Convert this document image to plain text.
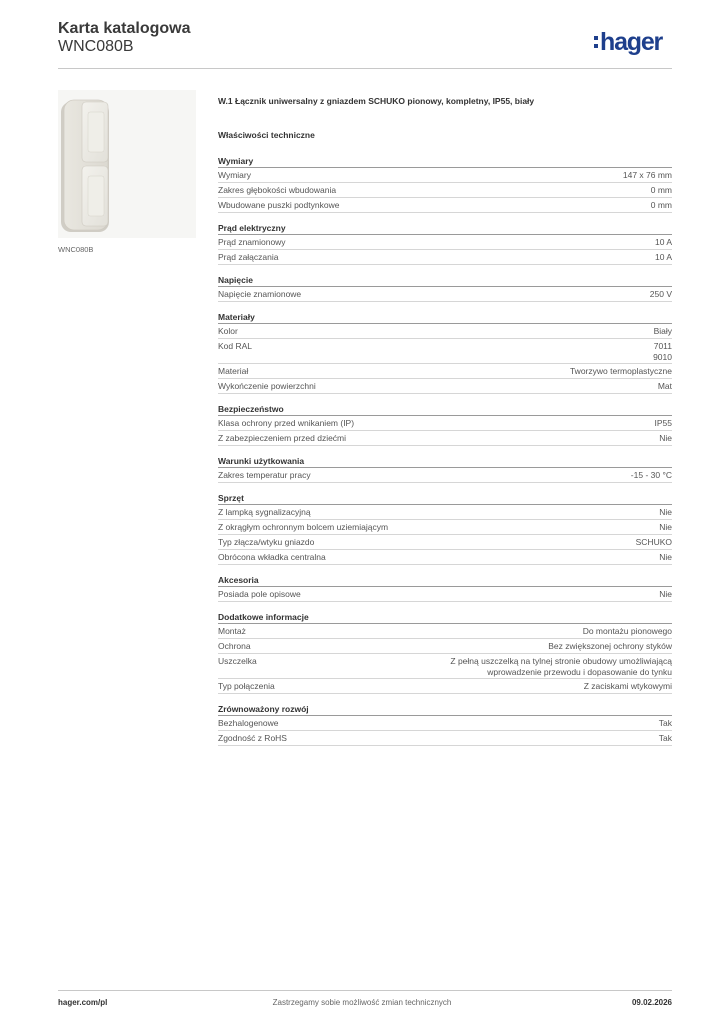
Karta katalogowa
WNC080B	hager
WNC080B
W.1 Łącznik uniwersalny z gniazdem SCHUKO pionowy, kompletny, IP55, biały
Właściwości techniczne
Wymiary
Wymiary	147 x 76 mm
Zakres głębokości wbudowania	0 mm
Wbudowane puszki podtynkowe	0 mm
Prąd elektryczny
Prąd znamionowy	10 A
Prąd załączania	10 A
Napięcie
Napięcie znamionowe	250 V
Materiały
Kolor	Biały
Kod RAL	7011
9010
Materiał	Tworzywo termoplastyczne
Wykończenie powierzchni	Mat
Bezpieczeństwo
Klasa ochrony przed wnikaniem (IP)	IP55
Z zabezpieczeniem przed dziećmi	Nie
Warunki użytkowania
Zakres temperatur pracy	-15 - 30 °C
Sprzęt
Z lampką sygnalizacyjną	Nie
Z okrągłym ochronnym bolcem uziemiającym	Nie
Typ złącza/wtyku gniazdo	SCHUKO
Obrócona wkładka centralna	Nie
Akcesoria
Posiada pole opisowe	Nie
Dodatkowe informacje
Montaż	Do montażu pionowego
Ochrona	Bez zwiększonej ochrony styków
Uszczelka	Z pełną uszczelką na tylnej stronie obudowy umożliwiającą
wprowadzenie przewodu i dopasowanie do tynku
Typ połączenia	Z zaciskami wtykowymi
Zrównoważony rozwój
Bezhalogenowe	Tak
Zgodność z RoHS	Tak
hager.com/pl	Zastrzegamy sobie możliwość zmian technicznych	09.02.2026
